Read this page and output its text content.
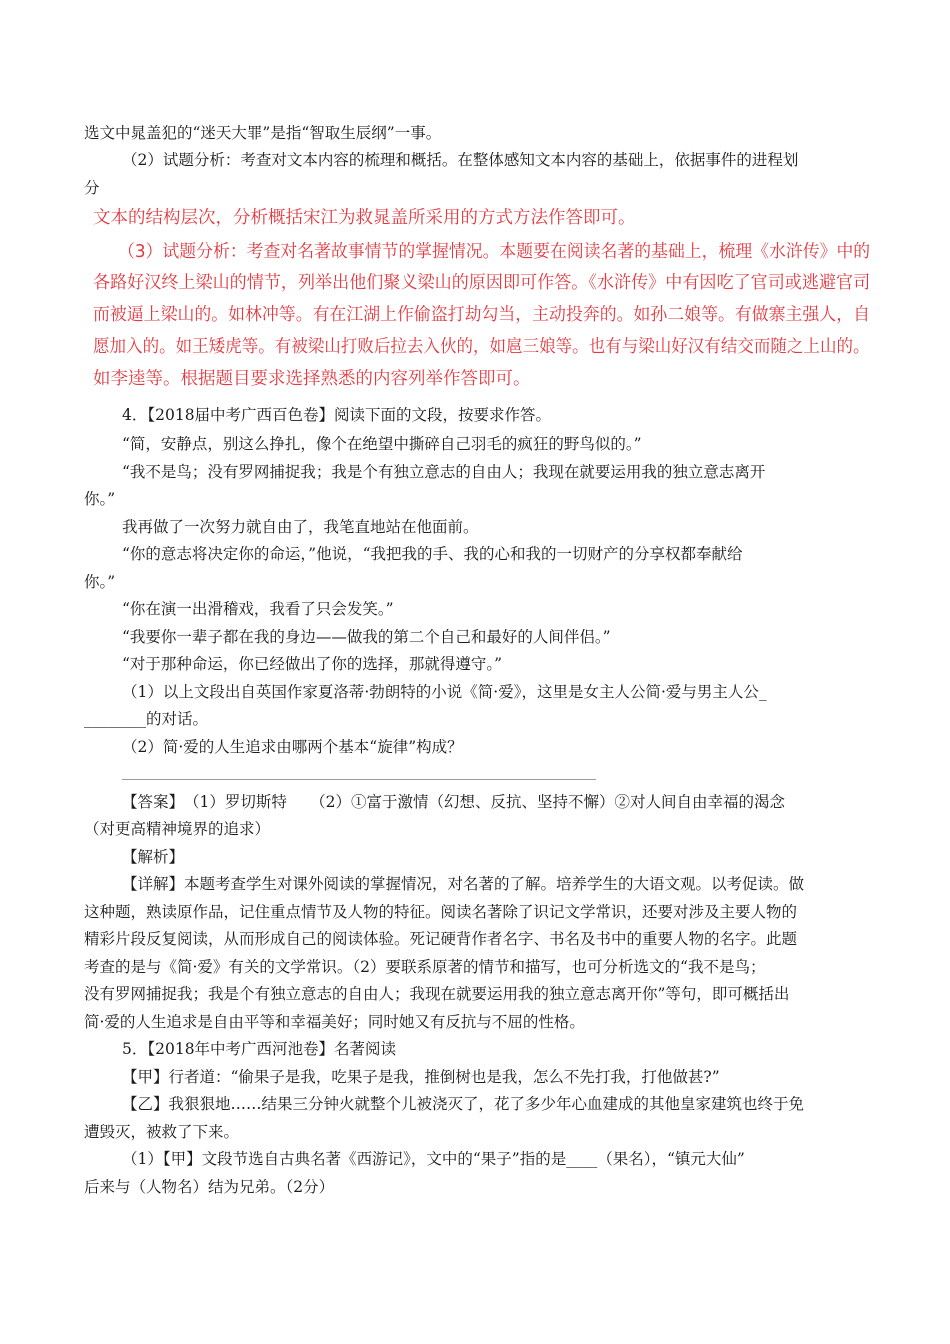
选文中晁盖犯的“迷天大罪”是指“智取生辰纲”一事。
（2）试题分析：考查对文本内容的梳理和概括。在整体感知文本内容的基础上，依据事件的进程划
分
文本的结构层次，分析概括宋江为救晁盖所采用的方式方法作答即可。
（3）试题分析：考查对名著故事情节的掌握情况。本题要在阅读名著的基础上，梳理《水浒传》中的
各路好汉终上梁山的情节，列举出他们聚义梁山的原因即可作答。《水浒传》中有因吃了官司或逃避官司
而被逼上梁山的。如林冲等。有在江湖上作偷盗打劫勾当，主动投奔的。如孙二娘等。有做寨主强人，自
愿加入的。如王矮虎等。有被梁山打败后拉去入伙的，如扈三娘等。也有与梁山好汉有结交而随之上山的。
如李逵等。根据题目要求选择熟悉的内容列举作答即可。
4．【2018届中考广西百色卷】阅读下面的文段，按要求作答。
“简，安静点，别这么挣扎，像个在绝望中撕碎自己羽毛的疯狂的野鸟似的。”
“我不是鸟；没有罗网捕捉我；我是个有独立意志的自由人；我现在就要运用我的独立意志离开
你。”
我再做了一次努力就自由了，我笔直地站在他面前。
“你的意志将决定你的命运，”他说，“我把我的手、我的心和我的一切财产的分享权都奉献给
你。”
“你在演一出滑稽戏，我看了只会发笑。”
“我要你一辈子都在我的身边——做我的第二个自己和最好的人间伴侣。”
“对于那种命运，你已经做出了你的选择，那就得遵守。”
（1）以上文段出自英国作家夏洛蒂·勃朗特的小说《简·爱》，这里是女主人公简·爱与男主人公_
________的对话。
（2）简·爱的人生追求由哪两个基本“旋律”构成？
【答案】　（1）罗切斯特　　（2）①富于激情（幻想、反抗、坚持不懈）②对人间自由幸福的渴念
（对更高精神境界的追求）
【解析】
【详解】本题考查学生对课外阅读的掌握情况，对名著的了解。培养学生的大语文观。以考促读。做
这种题，熟读原作品，记住重点情节及人物的特征。阅读名著除了识记文学常识，还要对涉及主要人物的
精彩片段反复阅读，从而形成自己的阅读体验。死记硬背作者名字、书名及书中的重要人物的名字。此题
考查的是与《简·爱》有关的文学常识。（2）要联系原著的情节和描写，也可分析选文的“我不是鸟；
没有罗网捕捉我；我是个有独立意志的自由人；我现在就要运用我的独立意志离开你”等句，即可概括出
简·爱的人生追求是自由平等和幸福美好；同时她又有反抗与不屈的性格。
5．【2018年中考广西河池卷】名著阅读
【甲】行者道：“偷果子是我，吃果子是我，推倒树也是我，怎么不先打我，打他做甚?”
【乙】我狠狠地……结果三分钟火就整个儿被浇灭了，花了多少年心血建成的其他皇家建筑也终于免
遭毁灭，被救了下来。
（1）【甲】文段节选自古典名著《西游记》，文中的“果子”指的是____（果名），“镇元大仙”
后来与（人物名）结为兄弟。（2分）
